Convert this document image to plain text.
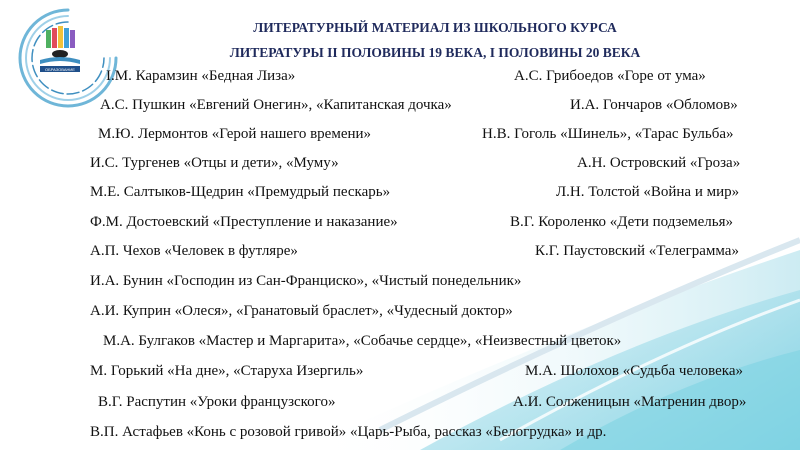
ОБРАЗОВАНИЕ
ЛИТЕРАТУРНЫЙ МАТЕРИАЛ ИЗ ШКОЛЬНОГО КУРСА
ЛИТЕРАТУРЫ II ПОЛОВИНЫ 19 ВЕКА, I ПОЛОВИНЫ 20 ВЕКА
I.М. Карамзин «Бедная Лиза»	А.С. Грибоедов «Горе от ума»
А.С. Пушкин «Евгений Онегин», «Капитанская дочка»	И.А. Гончаров «Обломов»
М.Ю. Лермонтов «Герой нашего времени»	Н.В. Гоголь «Шинель», «Тарас Бульба»
И.С. Тургенев «Отцы и дети», «Муму»	А.Н. Островский «Гроза»
М.Е. Салтыков-Щедрин «Премудрый пескарь»	Л.Н. Толстой «Война и мир»
Ф.М. Достоевский «Преступление и наказание»	В.Г. Короленко «Дети подземелья»
А.П. Чехов «Человек в футляре»	К.Г. Паустовский «Телеграмма»
И.А. Бунин «Господин из Сан-Франциско», «Чистый понедельник»
А.И. Куприн «Олеся», «Гранатовый браслет», «Чудесный доктор»
М.А. Булгаков «Мастер и Маргарита», «Собачье сердце», «Неизвестный цветок»
М. Горький «На дне», «Старуха Изергиль»	М.А. Шолохов «Судьба человека»
В.Г. Распутин «Уроки французского»	А.И. Солженицын «Матренин двор»
В.П. Астафьев «Конь с розовой гривой» «Царь-Рыба, рассказ «Белогрудка» и др.
